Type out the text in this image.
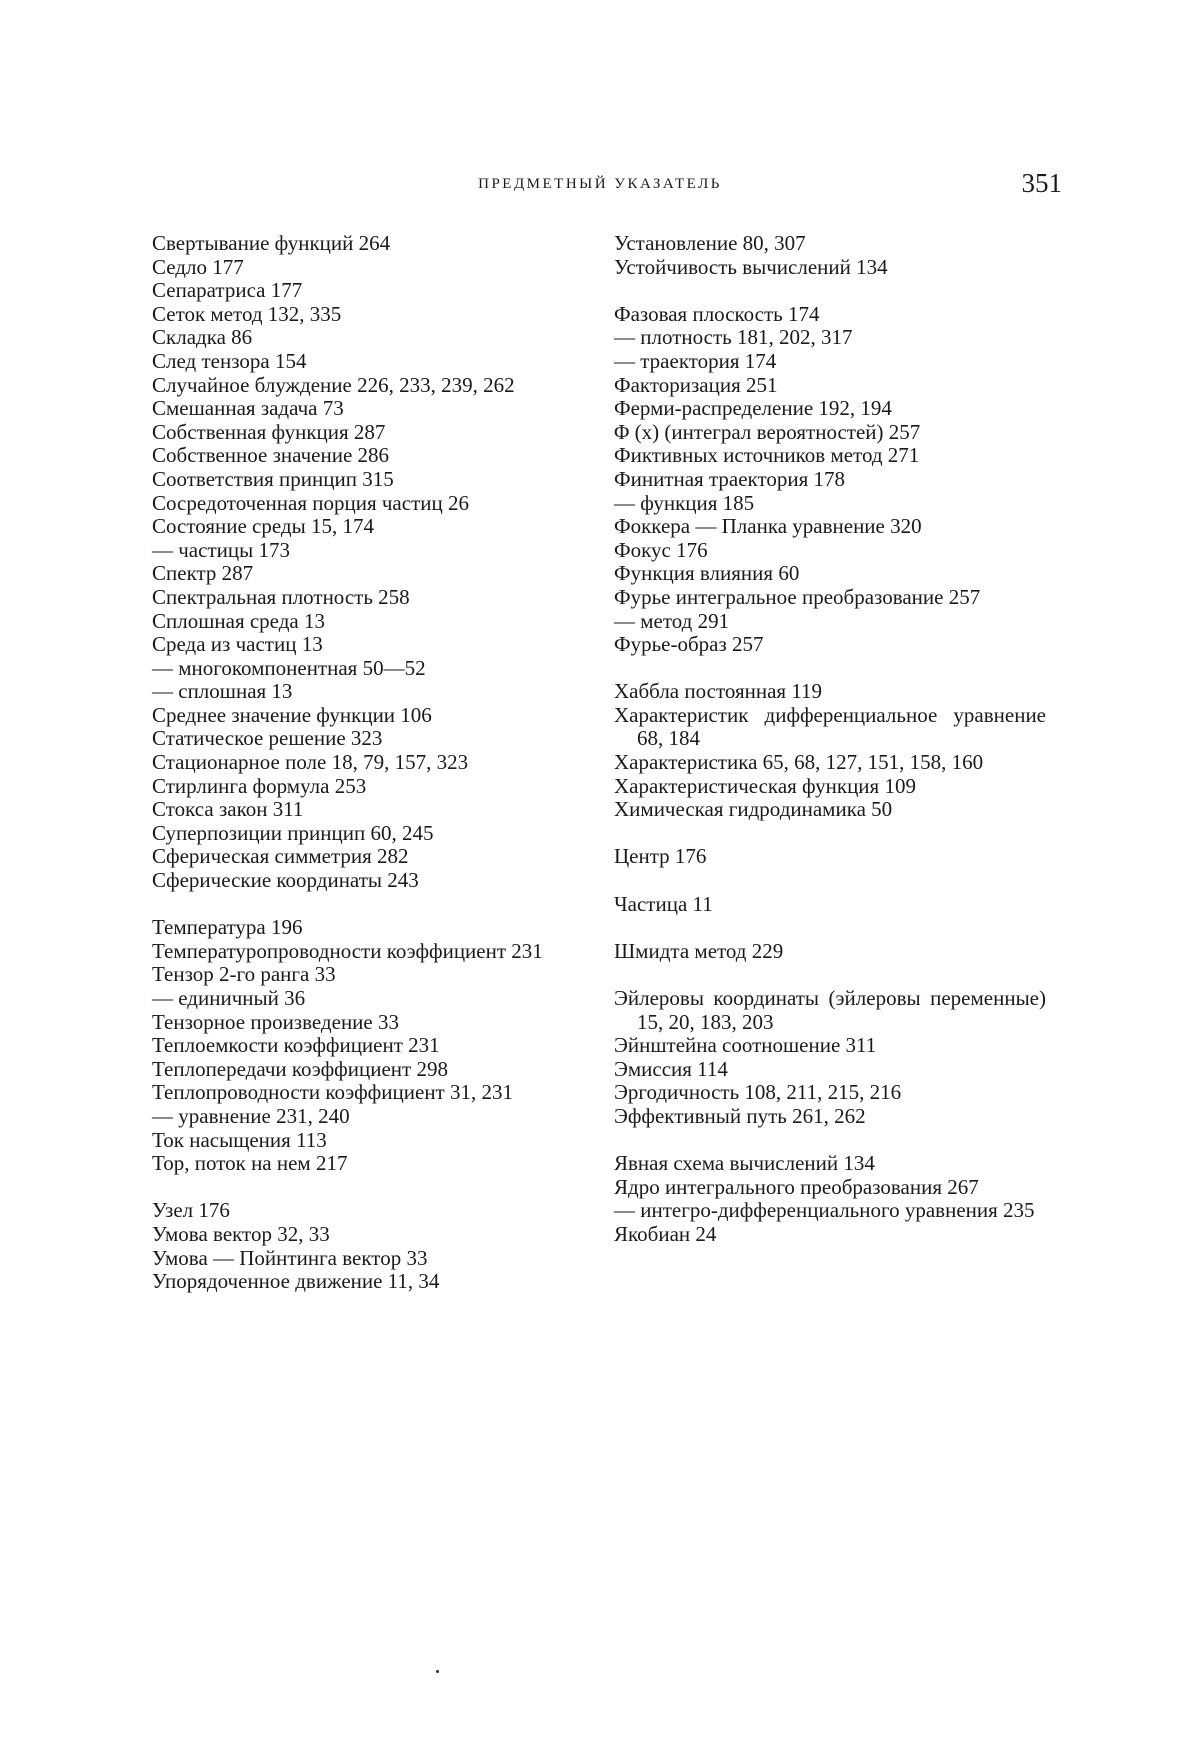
ПРЕДМЕТНЫЙ УКАЗАТЕЛЬ	351
Свертывание функций 264
Седло 177
Сепаратриса 177
Сеток метод 132, 335
Складка 86
След тензора 154
Случайное блуждение 226, 233, 239, 262
Смешанная задача 73
Собственная функция 287
Собственное значение 286
Соответствия принцип 315
Сосредоточенная порция частиц 26
Состояние среды 15, 174
— частицы 173
Спектр 287
Спектральная плотность 258
Сплошная среда 13
Среда из частиц 13
— многокомпонентная 50—52
— сплошная 13
Среднее значение функции 106
Статическое решение 323
Стационарное поле 18, 79, 157, 323
Стирлинга формула 253
Стокса закон 311
Суперпозиции принцип 60, 245
Сферическая симметрия 282
Сферические координаты 243
Температура 196
Температуропроводности коэффициент 231
Тензор 2-го ранга 33
— единичный 36
Тензорное произведение 33
Теплоемкости коэффициент 231
Теплопередачи коэффициент 298
Теплопроводности коэффициент 31, 231
— уравнение 231, 240
Ток насыщения 113
Тор, поток на нем 217
Узел 176
Умова вектор 32, 33
Умова — Пойнтинга вектор 33
Упорядоченное движение 11, 34
Установление 80, 307
Устойчивость вычислений 134
Фазовая плоскость 174
— плотность 181, 202, 317
— траектория 174
Факторизация 251
Ферми-распределение 192, 194
Φ (x) (интеграл вероятностей) 257
Фиктивных источников метод 271
Финитная траектория 178
— функция 185
Фоккера — Планка уравнение 320
Фокус 176
Функция влияния 60
Фурье интегральное преобразование 257
— метод 291
Фурье-образ 257
Хаббла постоянная 119
Характеристик дифференциальное уравнение 68, 184
Характеристика 65, 68, 127, 151, 158, 160
Характеристическая функция 109
Химическая гидродинамика 50
Центр 176
Частица 11
Шмидта метод 229
Эйлеровы координаты (эйлеровы переменные) 15, 20, 183, 203
Эйнштейна соотношение 311
Эмиссия 114
Эргодичность 108, 211, 215, 216
Эффективный путь 261, 262
Явная схема вычислений 134
Ядро интегрального преобразования 267
— интегро-дифференциального уравнения 235
Якобиан 24
